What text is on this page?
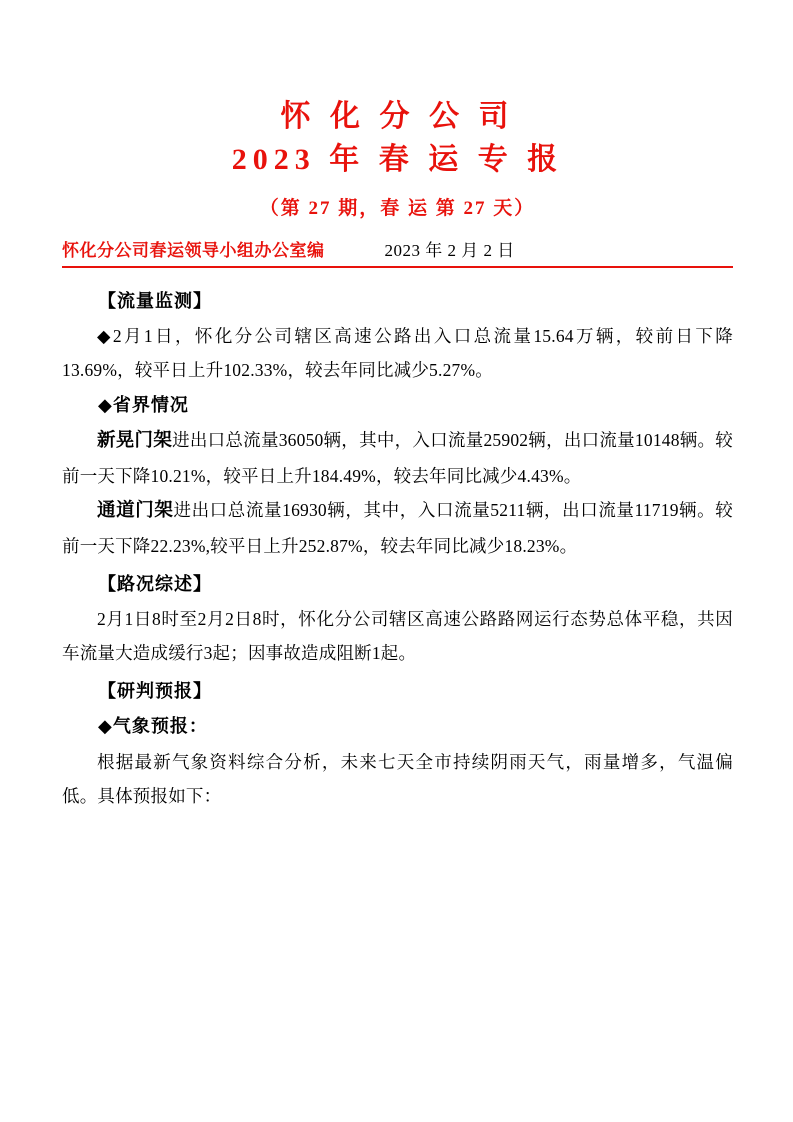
怀 化 分 公 司
2023 年 春 运 专 报
（第 27 期，春 运 第 27 天）
怀化分公司春运领导小组办公室编	2023 年 2 月 2 日
【流量监测】

◆2月1日，怀化分公司辖区高速公路出入口总流量15.64万辆，较前日下降13.69%，较平日上升102.33%，较去年同比减少5.27%。

◆省界情况

新晃门架进出口总流量36050辆，其中，入口流量25902辆，出口流量10148辆。较前一天下降10.21%，较平日上升184.49%，较去年同比减少4.43%。

通道门架进出口总流量16930辆，其中，入口流量5211辆，出口流量11719辆。较前一天下降22.23%,较平日上升252.87%，较去年同比减少18.23%。

【路况综述】

2月1日8时至2月2日8时，怀化分公司辖区高速公路路网运行态势总体平稳，共因车流量大造成缓行3起；因事故造成阻断1起。

【研判预报】
◆气象预报：

根据最新气象资料综合分析，未来七天全市持续阴雨天气，雨量增多，气温偏低。具体预报如下：
